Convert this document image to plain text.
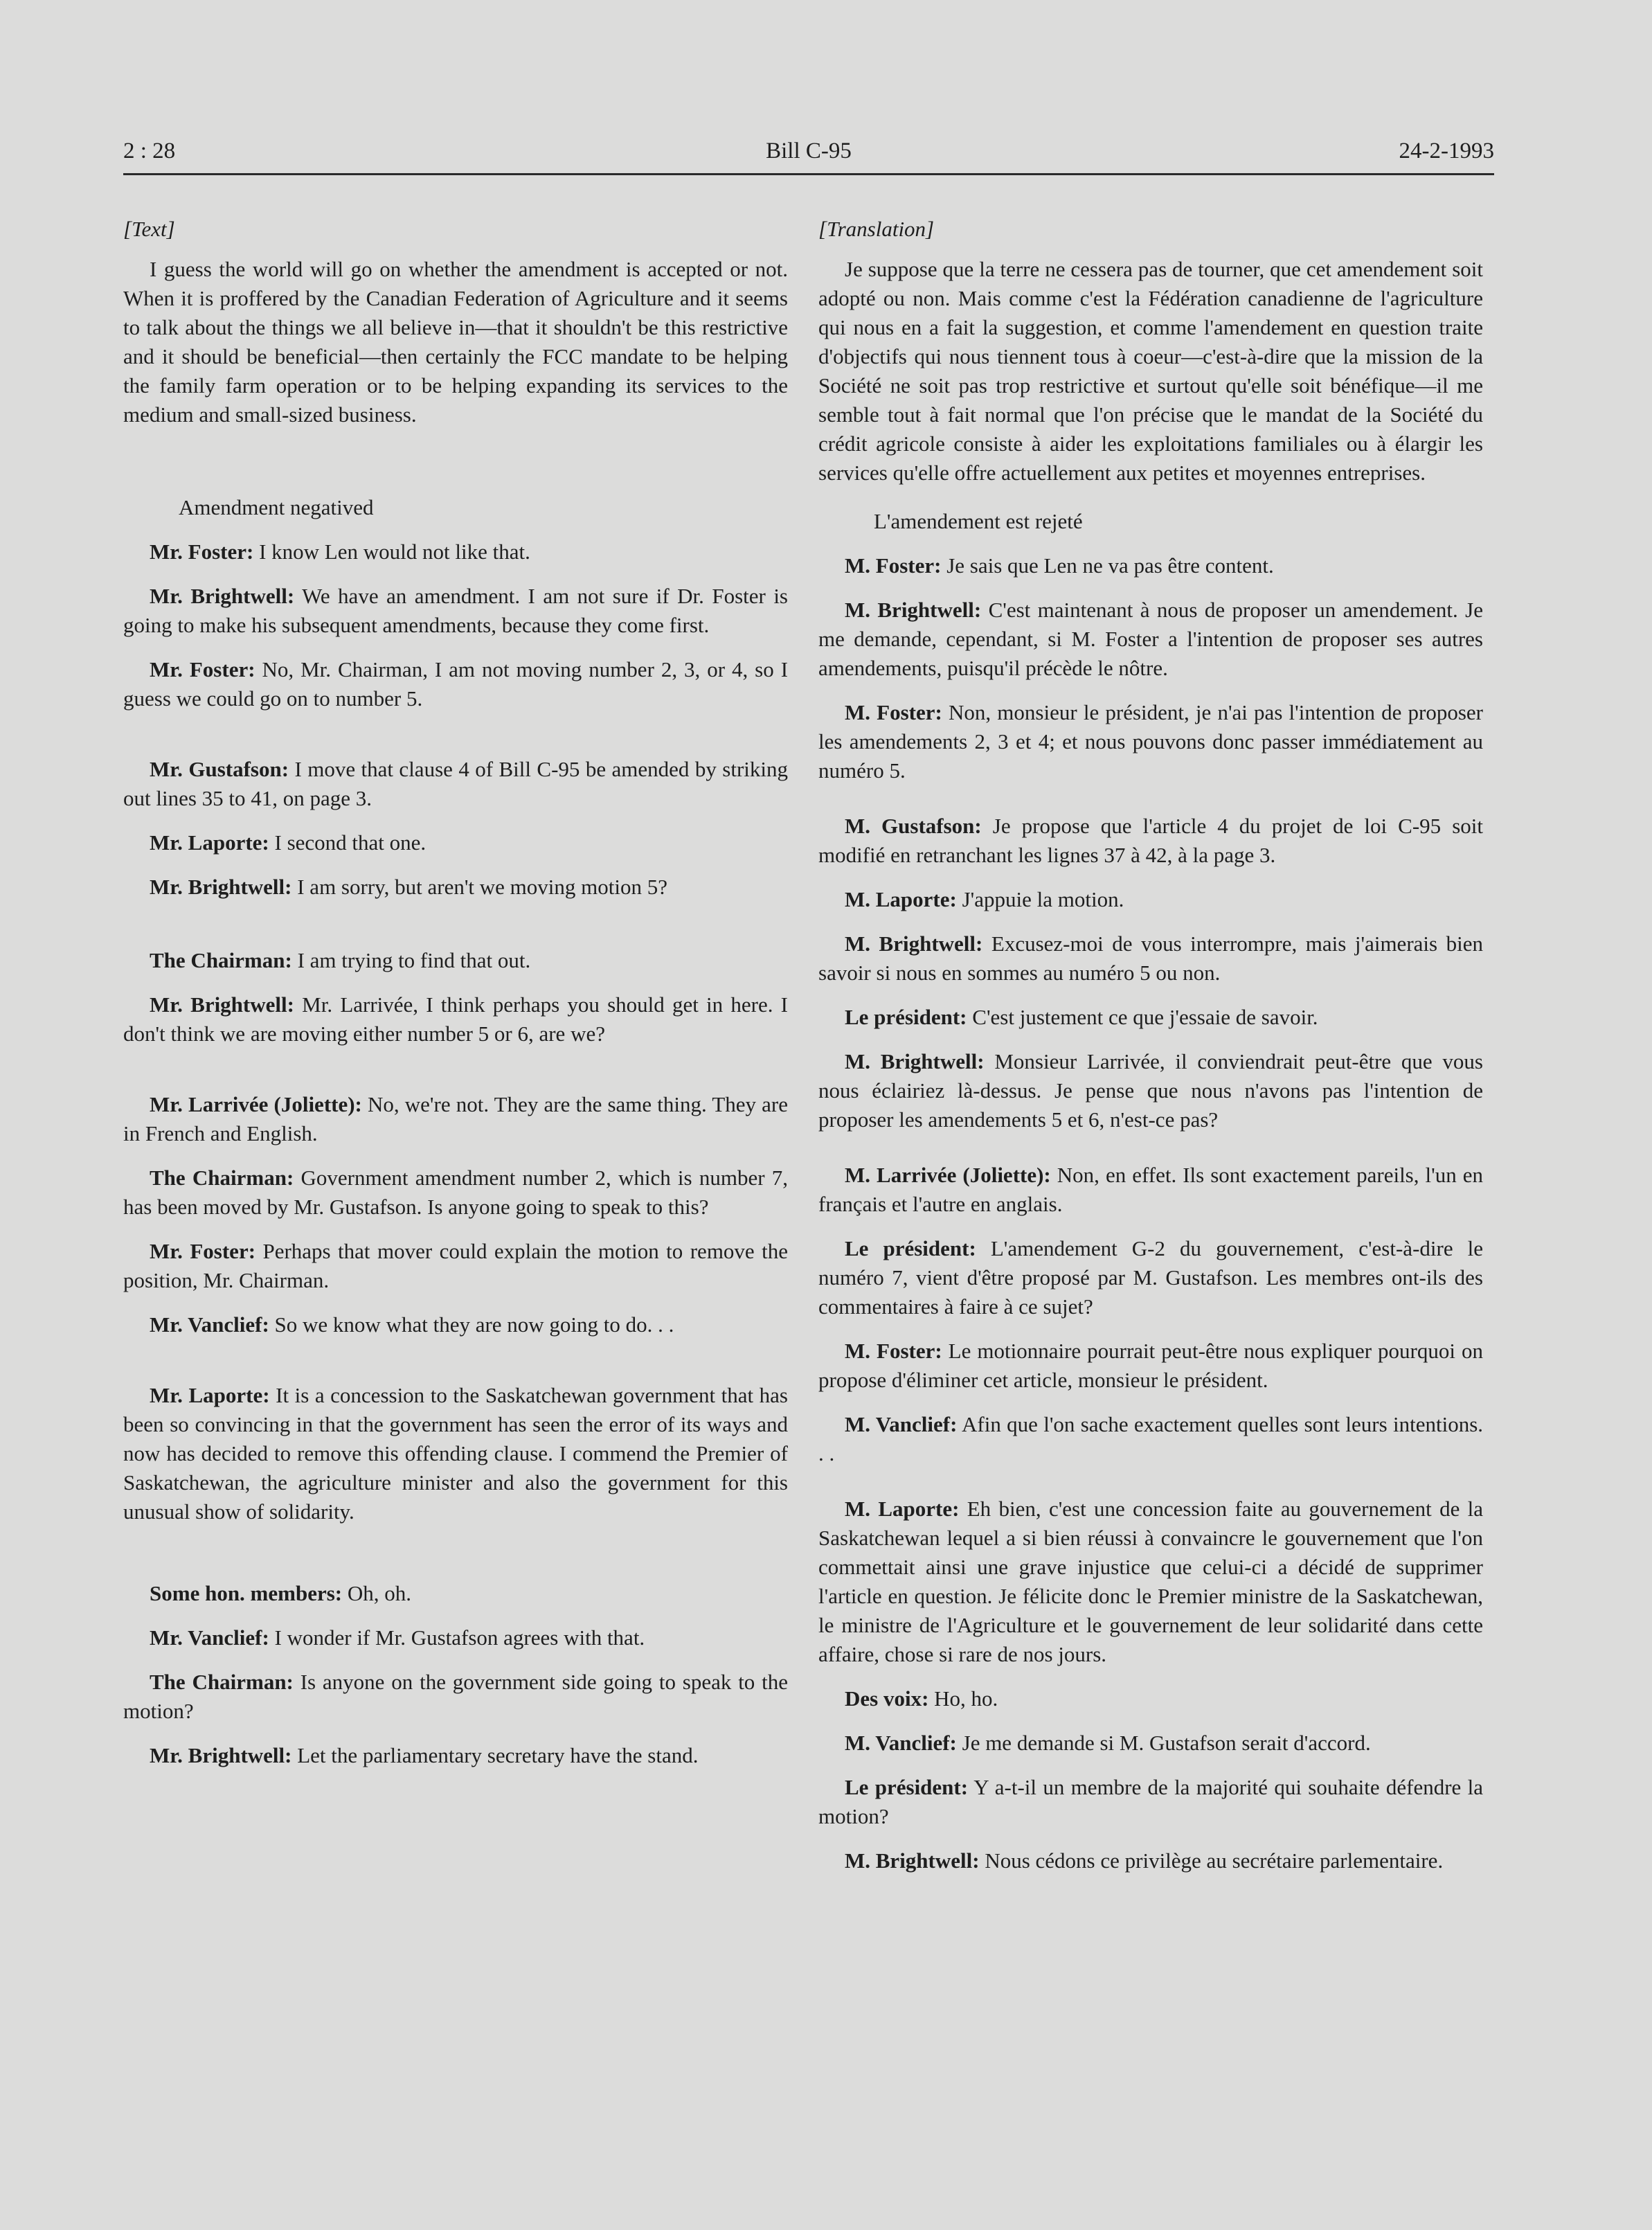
2 : 28	Bill C-95	24-2-1993

[Text]

I guess the world will go on whether the amendment is accepted or not. When it is proffered by the Canadian Federation of Agriculture and it seems to talk about the things we all believe in—that it shouldn't be this restrictive and it should be beneficial—then certainly the FCC mandate to be helping the family farm operation or to be helping expanding its services to the medium and small-sized business.

Amendment negatived

Mr. Foster: I know Len would not like that.

Mr. Brightwell: We have an amendment. I am not sure if Dr. Foster is going to make his subsequent amendments, because they come first.

Mr. Foster: No, Mr. Chairman, I am not moving number 2, 3, or 4, so I guess we could go on to number 5.

Mr. Gustafson: I move that clause 4 of Bill C-95 be amended by striking out lines 35 to 41, on page 3.

Mr. Laporte: I second that one.

Mr. Brightwell: I am sorry, but aren't we moving motion 5?

The Chairman: I am trying to find that out.

Mr. Brightwell: Mr. Larrivée, I think perhaps you should get in here. I don't think we are moving either number 5 or 6, are we?

Mr. Larrivée (Joliette): No, we're not. They are the same thing. They are in French and English.

The Chairman: Government amendment number 2, which is number 7, has been moved by Mr. Gustafson. Is anyone going to speak to this?

Mr. Foster: Perhaps that mover could explain the motion to remove the position, Mr. Chairman.

Mr. Vanclief: So we know what they are now going to do. . .

Mr. Laporte: It is a concession to the Saskatchewan government that has been so convincing in that the government has seen the error of its ways and now has decided to remove this offending clause. I commend the Premier of Saskatchewan, the agriculture minister and also the government for this unusual show of solidarity.

Some hon. members: Oh, oh.

Mr. Vanclief: I wonder if Mr. Gustafson agrees with that.

The Chairman: Is anyone on the government side going to speak to the motion?

Mr. Brightwell: Let the parliamentary secretary have the stand.

[Translation]

Je suppose que la terre ne cessera pas de tourner, que cet amendement soit adopté ou non. Mais comme c'est la Fédération canadienne de l'agriculture qui nous en a fait la suggestion, et comme l'amendement en question traite d'objectifs qui nous tiennent tous à coeur—c'est-à-dire que la mission de la Société ne soit pas trop restrictive et surtout qu'elle soit bénéfique—il me semble tout à fait normal que l'on précise que le mandat de la Société du crédit agricole consiste à aider les exploitations familiales ou à élargir les services qu'elle offre actuellement aux petites et moyennes entreprises.

L'amendement est rejeté

M. Foster: Je sais que Len ne va pas être content.

M. Brightwell: C'est maintenant à nous de proposer un amendement. Je me demande, cependant, si M. Foster a l'intention de proposer ses autres amendements, puisqu'il précède le nôtre.

M. Foster: Non, monsieur le président, je n'ai pas l'intention de proposer les amendements 2, 3 et 4; et nous pouvons donc passer immédiatement au numéro 5.

M. Gustafson: Je propose que l'article 4 du projet de loi C-95 soit modifié en retranchant les lignes 37 à 42, à la page 3.

M. Laporte: J'appuie la motion.

M. Brightwell: Excusez-moi de vous interrompre, mais j'aimerais bien savoir si nous en sommes au numéro 5 ou non.

Le président: C'est justement ce que j'essaie de savoir.

M. Brightwell: Monsieur Larrivée, il conviendrait peut-être que vous nous éclairiez là-dessus. Je pense que nous n'avons pas l'intention de proposer les amendements 5 et 6, n'est-ce pas?

M. Larrivée (Joliette): Non, en effet. Ils sont exactement pareils, l'un en français et l'autre en anglais.

Le président: L'amendement G-2 du gouvernement, c'est-à-dire le numéro 7, vient d'être proposé par M. Gustafson. Les membres ont-ils des commentaires à faire à ce sujet?

M. Foster: Le motionnaire pourrait peut-être nous expliquer pourquoi on propose d'éliminer cet article, monsieur le président.

M. Vanclief: Afin que l'on sache exactement quelles sont leurs intentions. . .

M. Laporte: Eh bien, c'est une concession faite au gouvernement de la Saskatchewan lequel a si bien réussi à convaincre le gouvernement que l'on commettait ainsi une grave injustice que celui-ci a décidé de supprimer l'article en question. Je félicite donc le Premier ministre de la Saskatchewan, le ministre de l'Agriculture et le gouvernement de leur solidarité dans cette affaire, chose si rare de nos jours.

Des voix: Ho, ho.

M. Vanclief: Je me demande si M. Gustafson serait d'accord.

Le président: Y a-t-il un membre de la majorité qui souhaite défendre la motion?

M. Brightwell: Nous cédons ce privilège au secrétaire parlementaire.
